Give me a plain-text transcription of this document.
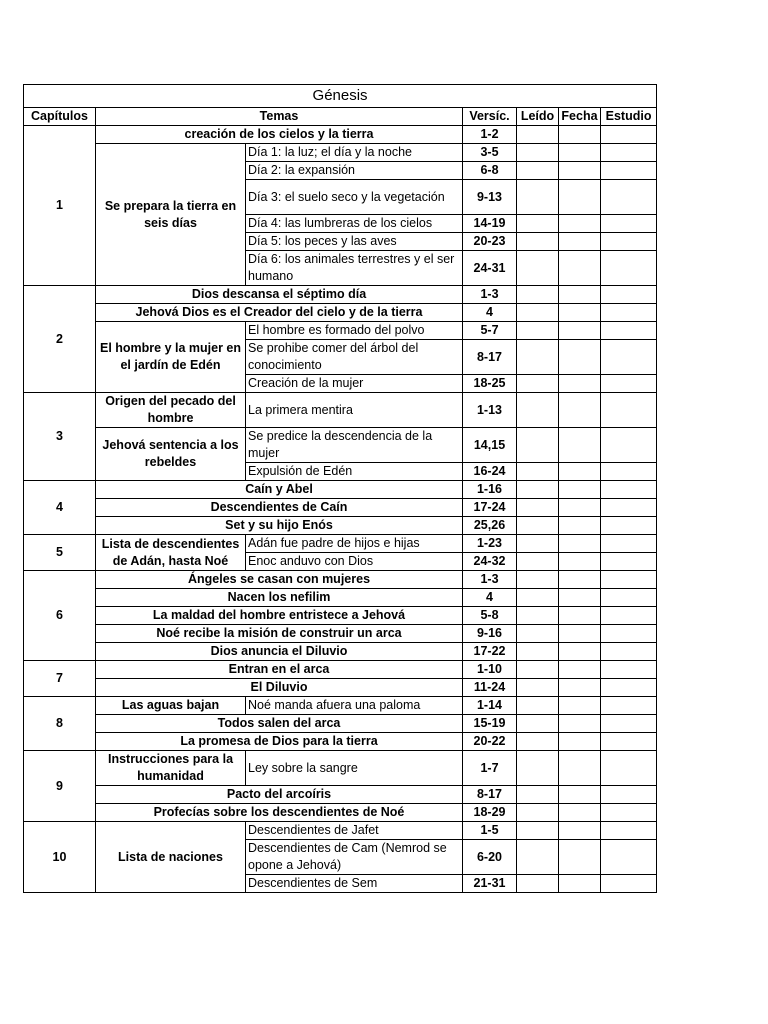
Génesis						
Capítulos	Temas		Versíc.	Leído	Fecha	Estudio
1	creación de los cielos y la tierra		1-2			
	Se prepara la tierra en seis días	Día 1: la luz; el día y la noche	3-5			
		Día 2: la expansión	6-8			
		Día 3: el suelo seco y la vegetación	9-13			
		Día 4: las lumbreras de los cielos	14-19			
		Día 5: los peces y las aves	20-23			
		Día 6: los animales terrestres y el ser humano	24-31			
2	Dios descansa el séptimo día		1-3			
	Jehová Dios es el Creador del cielo y de la tierra		4			
	El hombre y la mujer en el jardín de Edén	El hombre es formado del polvo	5-7			
		Se prohibe comer del árbol del conocimiento	8-17			
		Creación de la mujer	18-25			
3	Origen del pecado del hombre	La primera mentira	1-13			
	Jehová sentencia a los rebeldes	Se predice la descendencia de la mujer	14,15			
		Expulsión de Edén	16-24			
4	Caín y Abel		1-16			
	Descendientes de Caín		17-24			
	Set y su hijo Enós		25,26			
5	Lista de descendientes de Adán, hasta Noé	Adán fue padre de hijos e hijas	1-23			
		Enoc anduvo con Dios	24-32			
6	Ángeles se casan con mujeres		1-3			
	Nacen los nefilim		4			
	La maldad del hombre entristece a Jehová		5-8			
	Noé recibe la misión de construir un arca		9-16			
	Dios anuncia el Diluvio		17-22			
7	Entran en el arca		1-10			
	El Diluvio		11-24			
8	Las aguas bajan	Noé manda afuera una paloma	1-14			
	Todos salen del arca		15-19			
	La promesa de Dios para la tierra		20-22			
9	Instrucciones para la humanidad	Ley sobre la sangre	1-7			
	Pacto del arcoíris		8-17			
	Profecías sobre los descendientes de Noé		18-29			
10	Lista de naciones	Descendientes de Jafet	1-5			
		Descendientes de Cam (Nemrod se opone a Jehová)	6-20			
		Descendientes de Sem	21-31			
